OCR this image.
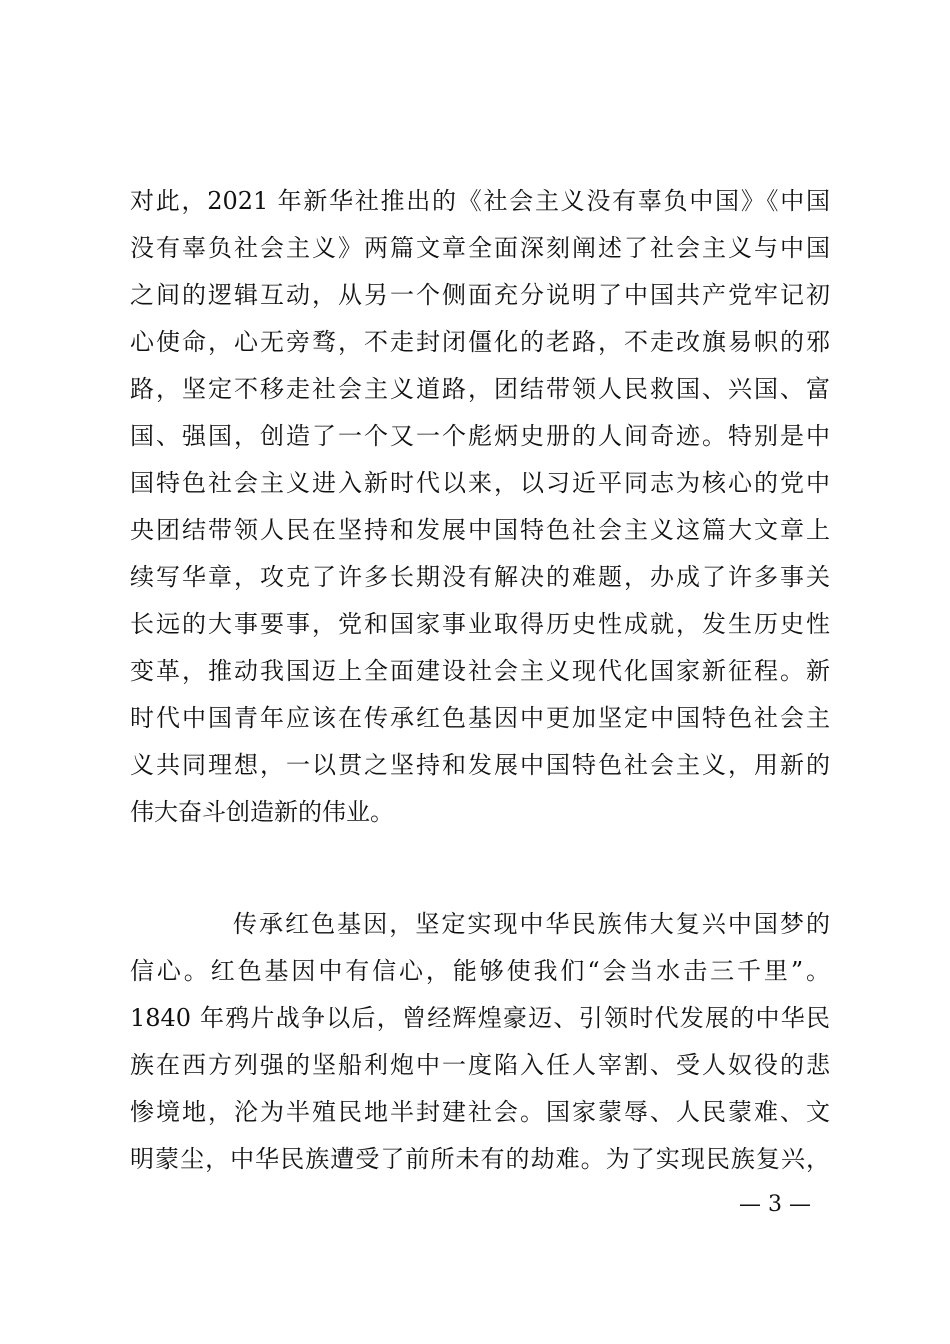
对此，2021 年新华社推出的《社会主义没有辜负中国》《中国
没有辜负社会主义》两篇文章全面深刻阐述了社会主义与中国
之间的逻辑互动，从另一个侧面充分说明了中国共产党牢记初
心使命，心无旁骛，不走封闭僵化的老路，不走改旗易帜的邪
路，坚定不移走社会主义道路，团结带领人民救国、兴国、富
国、强国，创造了一个又一个彪炳史册的人间奇迹。特别是中
国特色社会主义进入新时代以来，以习近平同志为核心的党中
央团结带领人民在坚持和发展中国特色社会主义这篇大文章上
续写华章，攻克了许多长期没有解决的难题，办成了许多事关
长远的大事要事，党和国家事业取得历史性成就，发生历史性
变革，推动我国迈上全面建设社会主义现代化国家新征程。新
时代中国青年应该在传承红色基因中更加坚定中国特色社会主
义共同理想，一以贯之坚持和发展中国特色社会主义，用新的
伟大奋斗创造新的伟业。
传承红色基因，坚定实现中华民族伟大复兴中国梦的
信心。红色基因中有信心，能够使我们“会当水击三千里”。
1840 年鸦片战争以后，曾经辉煌豪迈、引领时代发展的中华民
族在西方列强的坚船利炮中一度陷入任人宰割、受人奴役的悲
惨境地，沦为半殖民地半封建社会。国家蒙辱、人民蒙难、文
明蒙尘，中华民族遭受了前所未有的劫难。为了实现民族复兴，
— 3 —
